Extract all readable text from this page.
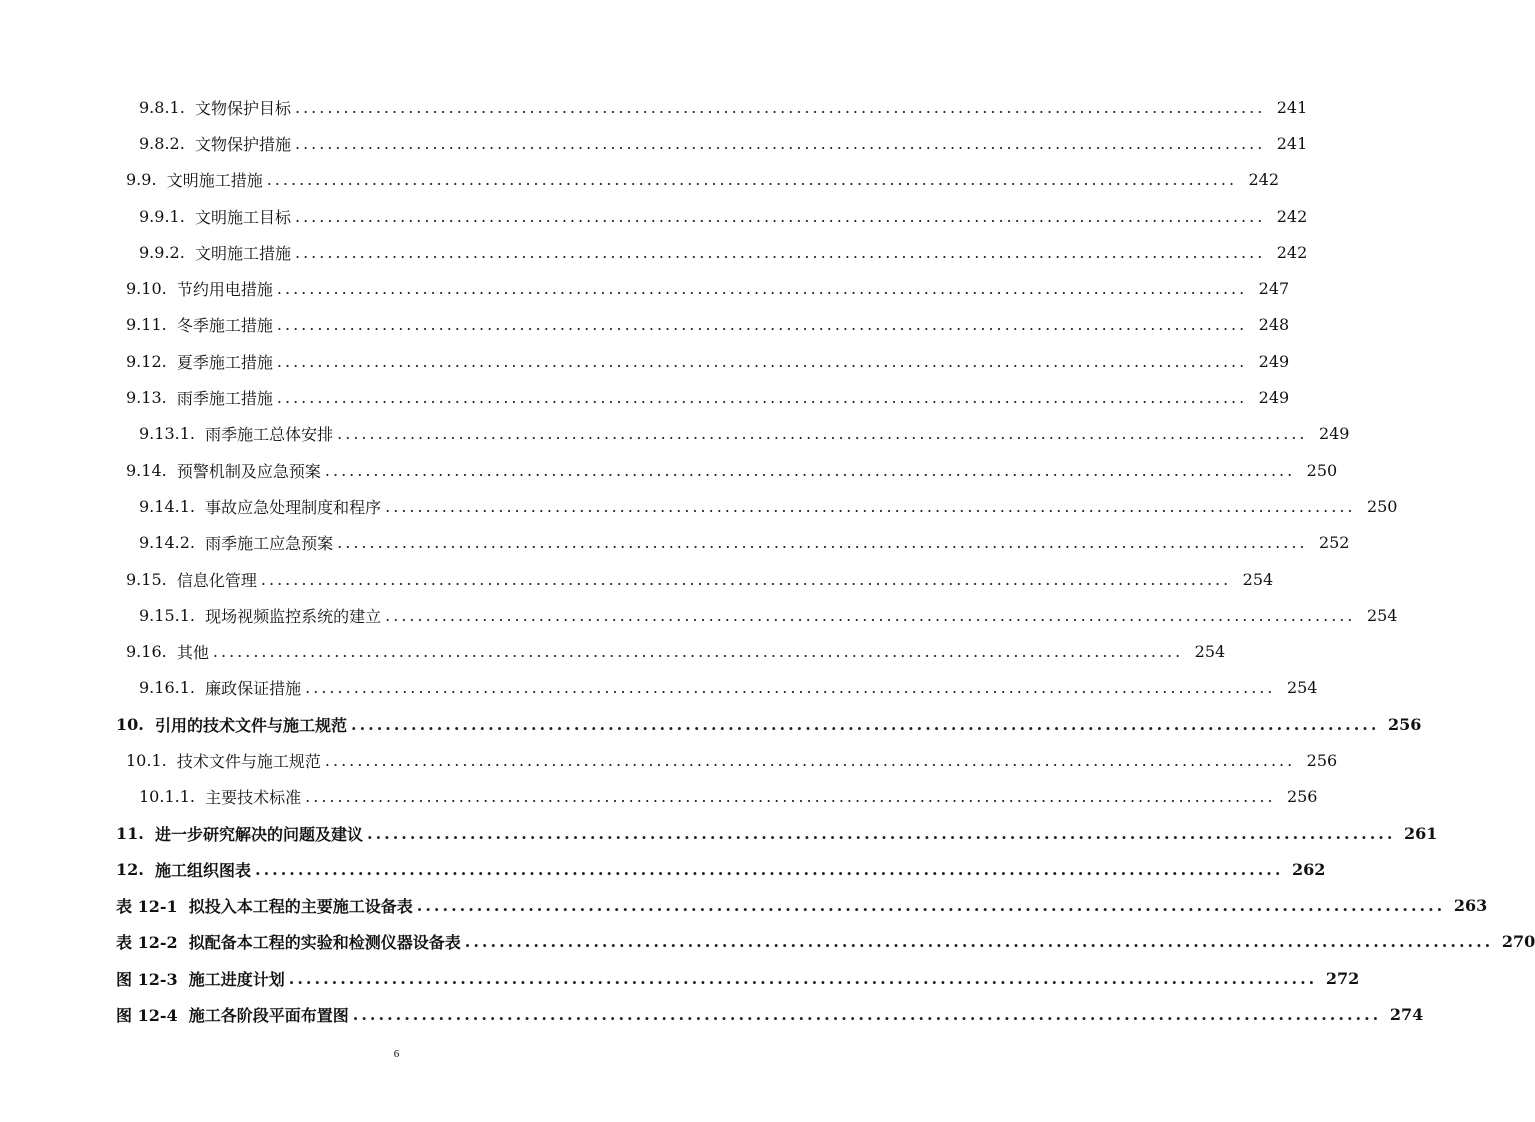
9.8.1.
文物保护目标 ........................................................................................................................ 241
9.8.2.
文物保护措施 ........................................................................................................................ 241
9.9.
文明施工措施 ........................................................................................................................ 242
9.9.1.
文明施工目标 ........................................................................................................................ 242
9.9.2.
文明施工措施 ........................................................................................................................ 242
9.10.
节约用电措施 ........................................................................................................................ 247
9.11.
冬季施工措施 ........................................................................................................................ 248
9.12.
夏季施工措施 ........................................................................................................................ 249
9.13.
雨季施工措施 ........................................................................................................................ 249
9.13.1.
雨季施工总体安排 ........................................................................................................................ 249
9.14.
预警机制及应急预案 ........................................................................................................................ 250
9.14.1.
事故应急处理制度和程序 ........................................................................................................................ 250
9.14.2.
雨季施工应急预案 ........................................................................................................................ 252
9.15.
信息化管理 ........................................................................................................................ 254
9.15.1.
现场视频监控系统的建立 ........................................................................................................................ 254
9.16.
其他 ........................................................................................................................ 254
9.16.1.
廉政保证措施 ........................................................................................................................ 254
10.
引用的技术文件与施工规范 ........................................................................................................................ 256
10.1.
技术文件与施工规范 ........................................................................................................................ 256
10.1.1.
主要技术标准 ........................................................................................................................ 256
11.
进一步研究解决的问题及建议 ........................................................................................................................ 261
12.
施工组织图表 ........................................................................................................................ 262
表 12-1
拟投入本工程的主要施工设备表 ........................................................................................................................ 263
表 12-2
拟配备本工程的实验和检测仪器设备表 ........................................................................................................................ 270
图 12-3
施工进度计划 ........................................................................................................................ 272
图 12-4
施工各阶段平面布置图 ........................................................................................................................ 274
6
